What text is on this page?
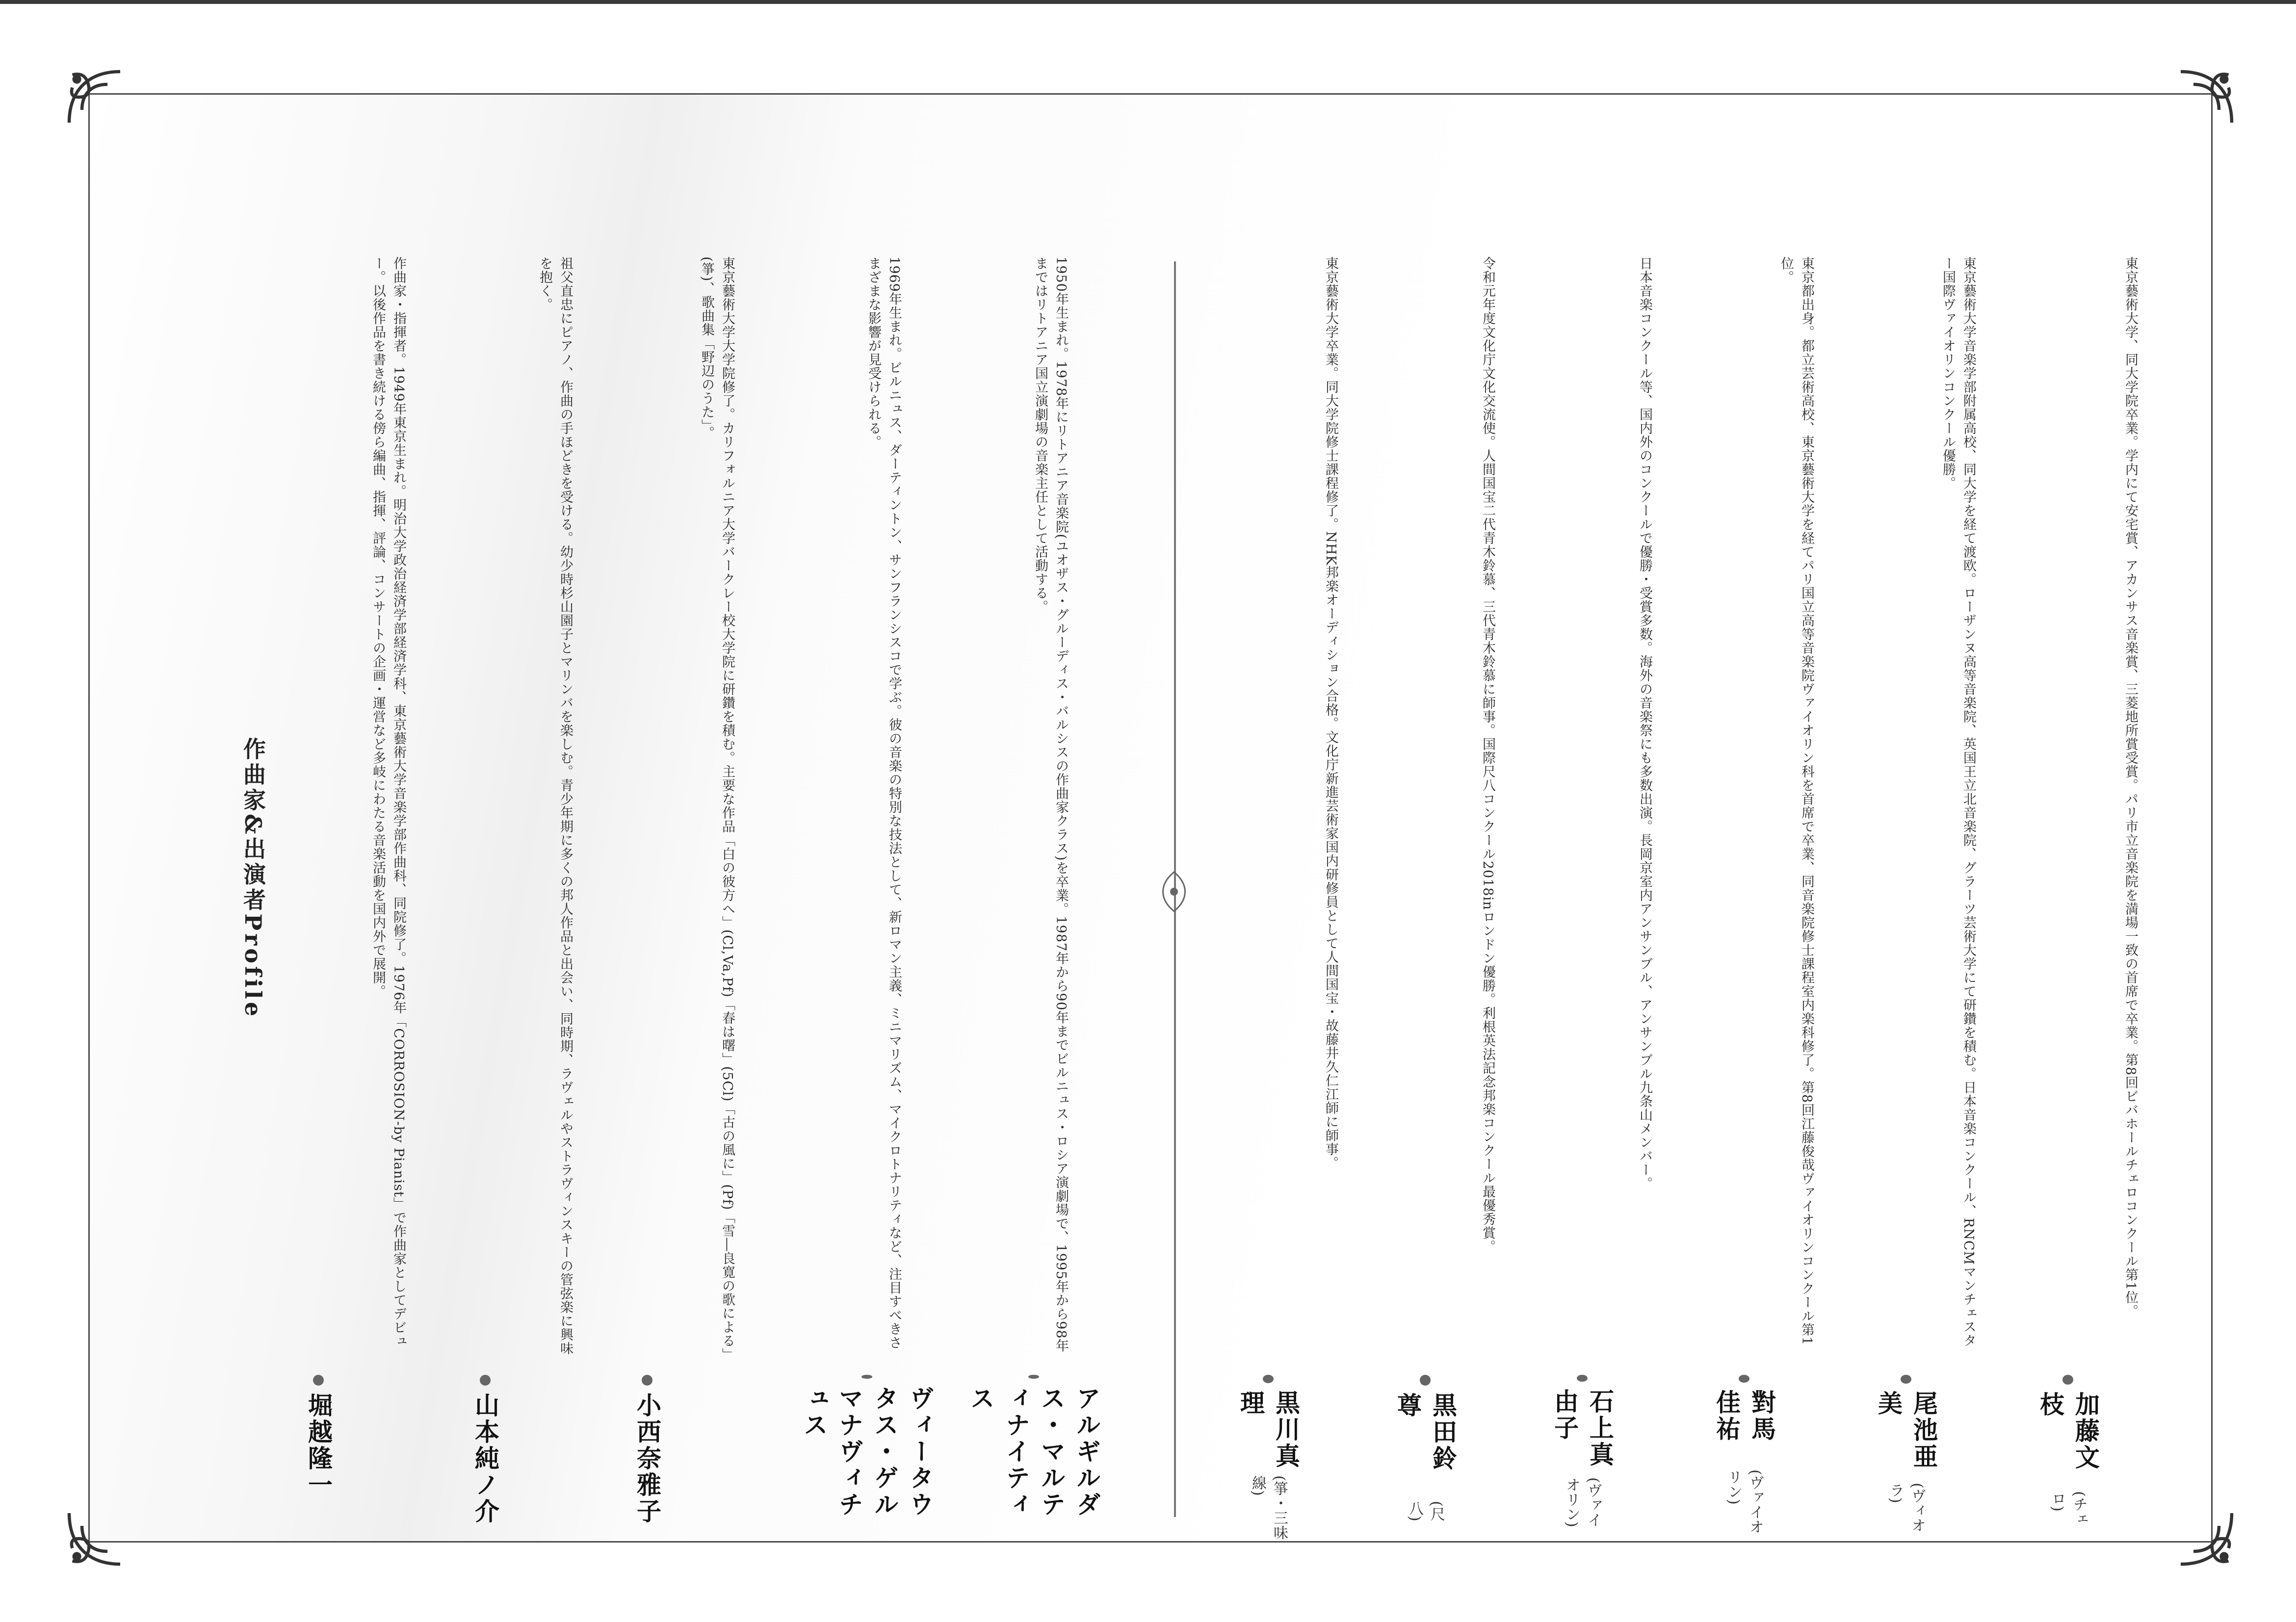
作曲家&出演者Profile
堀越隆一
作曲家・指揮者。1949年東京生まれ。明治大学政治経済学部経済学科、東京藝術大学音楽学部作曲科、同院修了。1976年「CORROSION-by Pianist」で作曲家としてデビュー。以後作品を書き続ける傍ら編曲、指揮、評論、コンサートの企画・運営など多岐にわたる音楽活動を国内外で展開。
山本純ノ介
祖父直忠にピアノ、作曲の手ほどきを受ける。幼少時杉山園子とマリンバを楽しむ。青少年期に多くの邦人作品と出会い、同時期、ラヴェルやストラヴィンスキーの管弦楽に興味を抱く。
小西奈雅子
東京藝術大学大学院修了。カリフォルニア大学バークレー校大学院に研鑽を積む。主要な作品「白の彼方へ」(Cl,Va,Pf)「春は曙」(5Cl)「古の風に」(Pf)「雪―良寛の歌による」(箏)、歌曲集「野辺のうた」。
ヴィータウタス・ゲルマナヴィチュス
1969年生まれ。ビルニュス、ダーティントン、サンフランシスコで学ぶ。彼の音楽の特別な技法として、新ロマン主義、ミニマリズム、マイクロトナリティなど、注目すべきさまざまな影響が見受けられる。
アルギルダス・マルティナイティス
1950年生まれ。1978年にリトアニア音楽院(ユオザス・グルーディス・バルシスの作曲家クラス)を卒業。1987年から90年までビルニュス・ロシア演劇場で、1995年から98年まではリトアニア国立演劇場の音楽主任として活動する。
黒川真理
(箏・三味線)
東京藝術大学卒業。同大学院修士課程修了。NHK邦楽オーディション合格。文化庁新進芸術家国内研修員として人間国宝・故藤井久仁江師に師事。
黒田鈴尊
(尺八)
令和元年度文化庁文化交流使。人間国宝二代青木鈴慕、三代青木鈴慕に師事。国際尺八コンクール2018inロンドン優勝。利根英法記念邦楽コンクール最優秀賞。
石上真由子
(ヴァイオリン)
日本音楽コンクール等、国内外のコンクールで優勝・受賞多数。海外の音楽祭にも多数出演。長岡京室内アンサンブル、アンサンブル九条山メンバー。
對馬佳祐
(ヴァイオリン)
東京都出身。都立芸術高校、東京藝術大学を経てパリ国立高等音楽院ヴァイオリン科を首席で卒業、同音楽院修士課程室内楽科修了。第8回江藤俊哉ヴァイオリンコンクール第1位。
尾池亜美
(ヴィオラ)
東京藝術大学音楽学部附属高校、同大学を経て渡欧。ローザンヌ高等音楽院、英国王立北音楽院、グラーツ芸術大学にて研鑽を積む。日本音楽コンクール、RNCMマンチェスター国際ヴァイオリンコンクール優勝。
加藤文枝
(チェロ)
東京藝術大学、同大学院卒業。学内にて安宅賞、アカンサス音楽賞、三菱地所賞受賞。パリ市立音楽院を満場一致の首席で卒業。第8回ビバホールチェロコンクール第1位。
